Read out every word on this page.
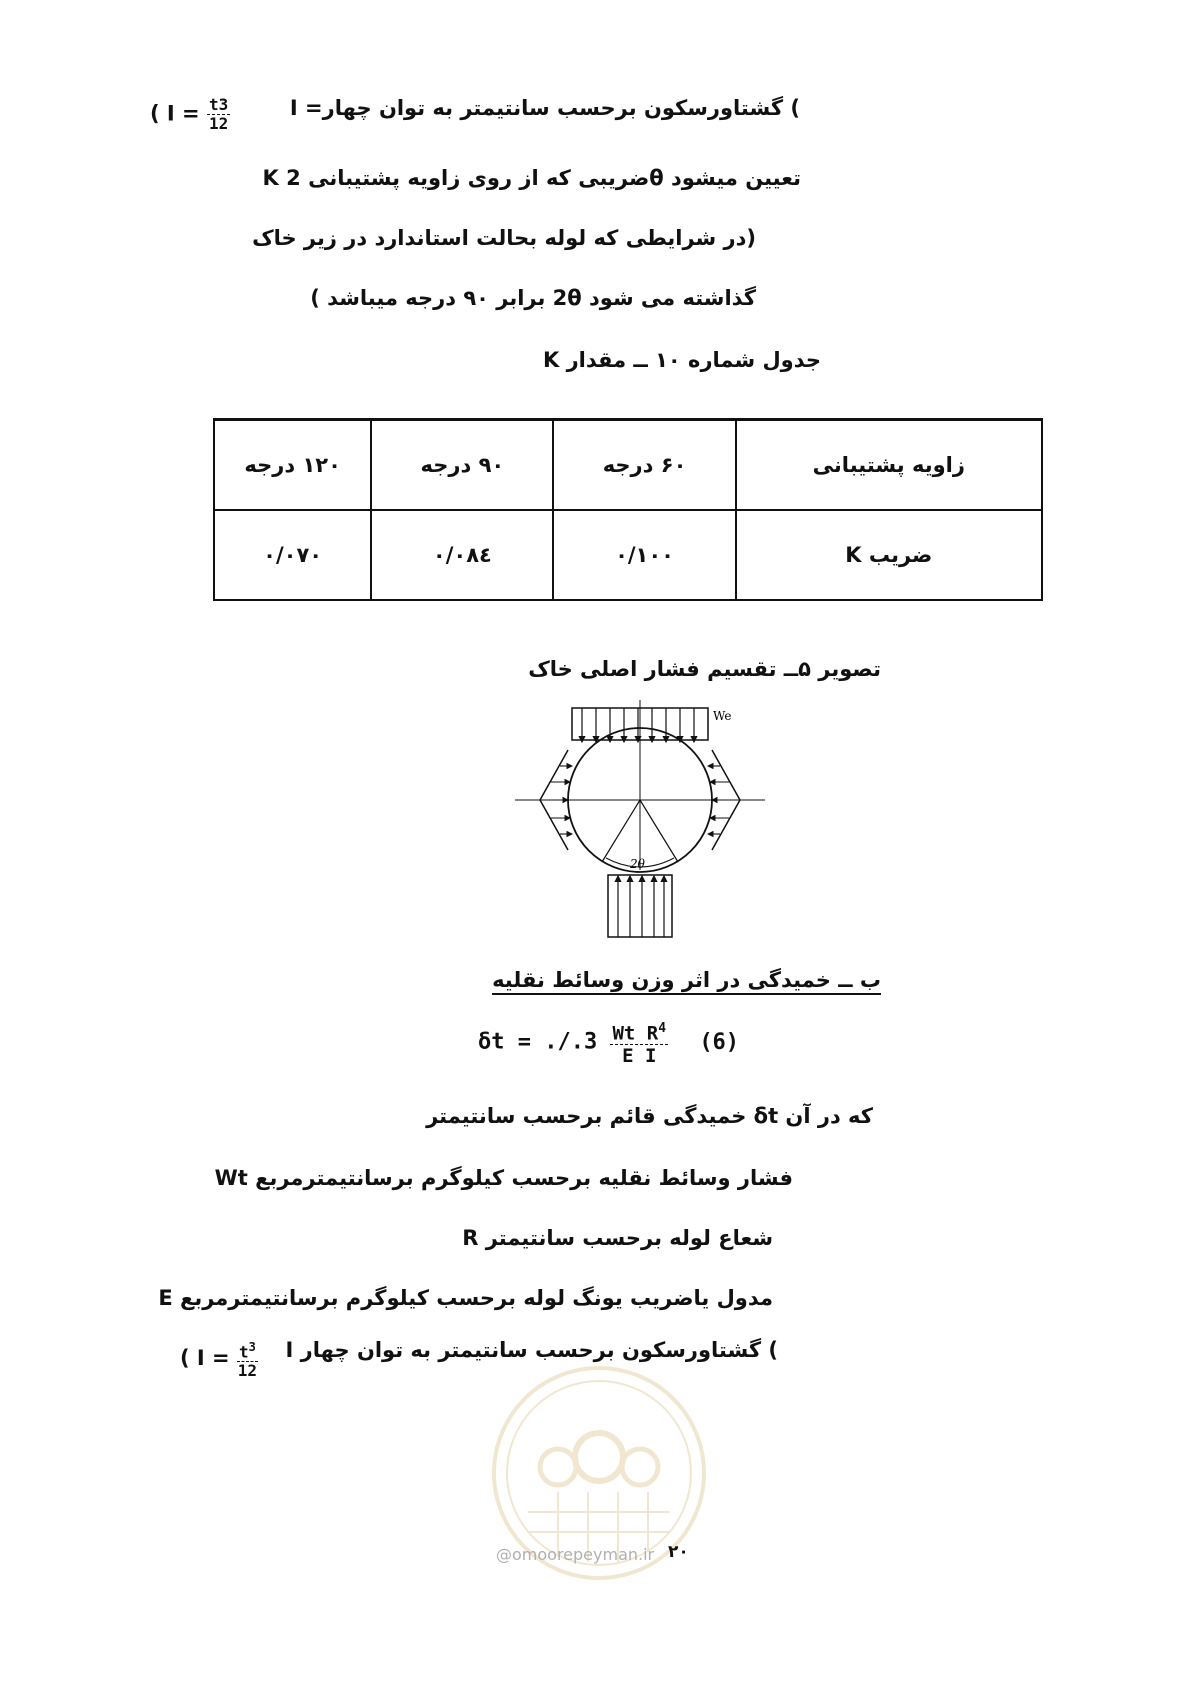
( $I = \frac{t3}{12}$	I =گشتاورسکون برحسب سانتیمتر به توان چهار (
K ضریبی که از روی زاویه پشتیبانی 2θ تعیین میشود
(در شرایطی که لوله بحالت استاندارد در زیر خاک
گذاشته می شود 2θ برابر ۹۰ درجه میباشد )
جدول شماره ۱۰ ــ مقدار K
۱۲۰ درجه	۹۰ درجه	۶۰ درجه	زاویه پشتیبانی
۰/۰۷۰	۰/۰۸٤	۰/۱۰۰	ضریب K
تصویر ۵ــ تقسیم فشار اصلی خاک
We
2θ
ب ــ خمیدگی در اثر وزن وسائط نقلیه
$\delta t = ./.3 \frac{Wt R^4}{\text{E I}} (6)$
که در آن δt خمیدگی قائم برحسب سانتیمتر
Wt فشار وسائط نقلیه برحسب کیلوگرم برسانتیمترمربع
R شعاع لوله برحسب سانتیمتر
E مدول یاضریب یونگ لوله برحسب کیلوگرم برسانتیمترمربع
( $I = \frac{t^3}{12}$ I گشتاورسکون برحسب سانتیمتر به توان چهار (
@omoorepeyman.ir ۲۰
